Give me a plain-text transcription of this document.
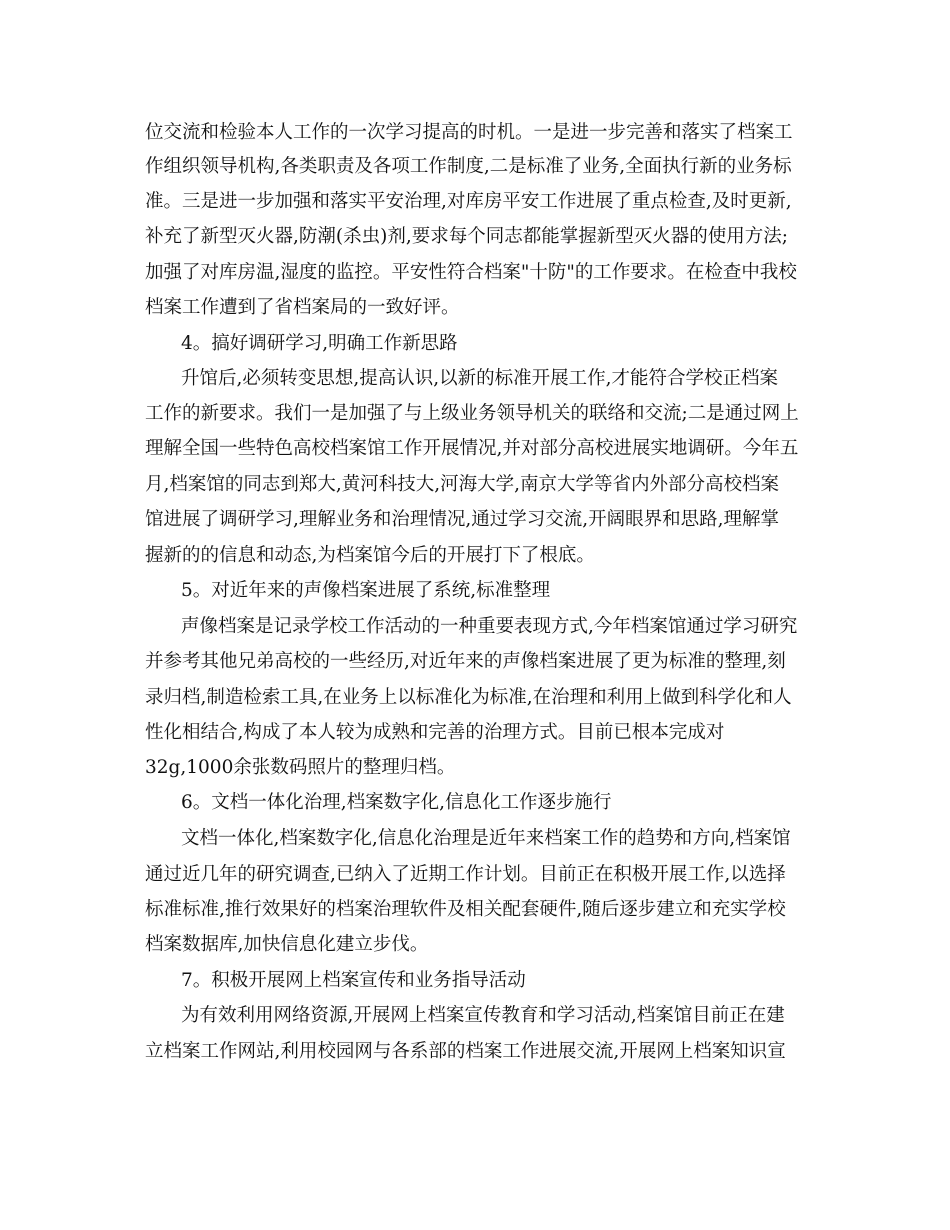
位交流和检验本人工作的一次学习提高的时机。一是进一步完善和落实了档案工
作组织领导机构,各类职责及各项工作制度,二是标准了业务,全面执行新的业务标
准。三是进一步加强和落实平安治理,对库房平安工作进展了重点检查,及时更新,
补充了新型灭火器,防潮(杀虫)剂,要求每个同志都能掌握新型灭火器的使用方法;
加强了对库房温,湿度的监控。平安性符合档案"十防"的工作要求。在检查中我校
档案工作遭到了省档案局的一致好评。
4。搞好调研学习,明确工作新思路
升馆后,必须转变思想,提高认识,以新的标准开展工作,才能符合学校正档案
工作的新要求。我们一是加强了与上级业务领导机关的联络和交流;二是通过网上
理解全国一些特色高校档案馆工作开展情况,并对部分高校进展实地调研。今年五
月,档案馆的同志到郑大,黄河科技大,河海大学,南京大学等省内外部分高校档案
馆进展了调研学习,理解业务和治理情况,通过学习交流,开阔眼界和思路,理解掌
握新的的信息和动态,为档案馆今后的开展打下了根底。
5。对近年来的声像档案进展了系统,标准整理
声像档案是记录学校工作活动的一种重要表现方式,今年档案馆通过学习研究
并参考其他兄弟高校的一些经历,对近年来的声像档案进展了更为标准的整理,刻
录归档,制造检索工具,在业务上以标准化为标准,在治理和利用上做到科学化和人
性化相结合,构成了本人较为成熟和完善的治理方式。目前已根本完成对
32g,1000余张数码照片的整理归档。
6。文档一体化治理,档案数字化,信息化工作逐步施行
文档一体化,档案数字化,信息化治理是近年来档案工作的趋势和方向,档案馆
通过近几年的研究调查,已纳入了近期工作计划。目前正在积极开展工作,以选择
标准标准,推行效果好的档案治理软件及相关配套硬件,随后逐步建立和充实学校
档案数据库,加快信息化建立步伐。
7。积极开展网上档案宣传和业务指导活动
为有效利用网络资源,开展网上档案宣传教育和学习活动,档案馆目前正在建
立档案工作网站,利用校园网与各系部的档案工作进展交流,开展网上档案知识宣
